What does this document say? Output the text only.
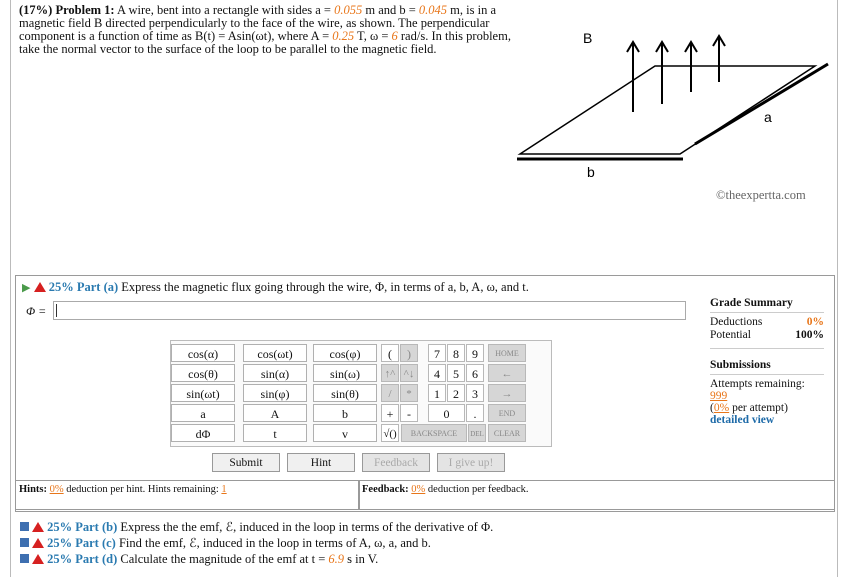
(17%) Problem 1: A wire, bent into a rectangle with sides a = 0.055 m and b = 0.045 m, is in a magnetic field B directed perpendicularly to the face of the wire, as shown. The perpendicular component is a function of time as B(t) = Asin(ωt), where A = 0.25 T, ω = 6 rad/s. In this problem, take the normal vector to the surface of the loop to be parallel to the magnetic field.
B
a
b
©theexpertta.com
▶ 25% Part (a) Express the magnetic flux going through the wire, Φ, in terms of a, b, A, ω, and t.
Φ =
Grade Summary
Deductions	0%
Potential	100%
Submissions
Attempts remaining: 999
(0% per attempt)
detailed view
cos(α)	cos(ωt)	cos(φ)
cos(θ)	sin(α)	sin(ω)
sin(ωt)	sin(φ)	sin(θ)
a	A	b
dΦ	t	v
(	)
↑^ ^↓
/	*
+	-
√()
7	8	9
4	5	6
1	2	3
0	.
HOME
←
→
END
BACKSPACE	DEL	CLEAR
Submit	Hint	Feedback	I give up!
Hints: 0% deduction per hint. Hints remaining: 1	Feedback: 0% deduction per feedback.
25% Part (b) Express the the emf, ℰ, induced in the loop in terms of the derivative of Φ.
25% Part (c) Find the emf, ℰ, induced in the loop in terms of A, ω, a, and b.
25% Part (d) Calculate the magnitude of the emf at t = 6.9 s in V.
